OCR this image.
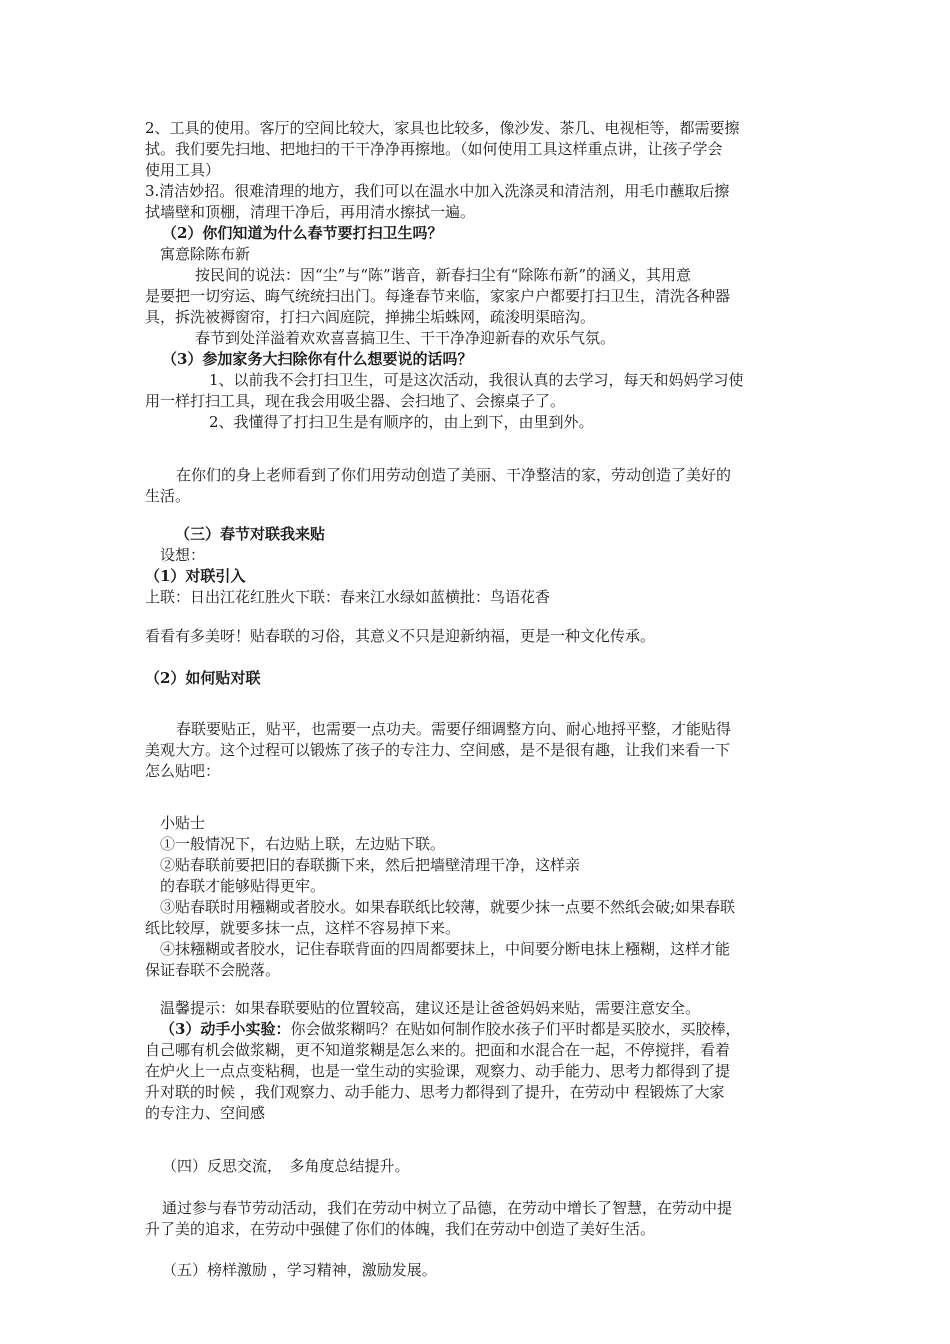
2、工具的使用。客厅的空间比较大，家具也比较多，像沙发、茶几、电视柜等，都需要擦
拭。我们要先扫地、把地扫的干干净净再擦地。（如何使用工具这样重点讲，让孩子学会
使用工具）
3.清洁妙招。很难清理的地方，我们可以在温水中加入洗涤灵和清洁剂，用毛巾蘸取后擦
拭墙壁和顶棚，清理干净后，再用清水擦拭一遍。
（2）你们知道为什么春节要打扫卫生吗？
寓意除陈布新
按民间的说法：因“尘”与“陈”谐音，新春扫尘有“除陈布新”的涵义，其用意
是要把一切穷运、晦气统统扫出门。每逢春节来临，家家户户都要打扫卫生，清洗各种器
具，拆洗被褥窗帘，打扫六闾庭院，掸拂尘垢蛛网，疏浚明渠暗沟。
春节到处洋溢着欢欢喜喜搞卫生、干干净净迎新春的欢乐气氛。
（3）参加家务大扫除你有什么想要说的话吗？
1、以前我不会打扫卫生，可是这次活动，我很认真的去学习，每天和妈妈学习使
用一样打扫工具，现在我会用吸尘器、会扫地了、会擦桌子了。
2、我懂得了打扫卫生是有顺序的，由上到下，由里到外。
在你们的身上老师看到了你们用劳动创造了美丽、干净整洁的家，劳动创造了美好的
生活。
（三）春节对联我来贴
设想：
（1）对联引入
上联：日出江花红胜火下联：春来江水绿如蓝横批：鸟语花香
看看有多美呀！贴春联的习俗，其意义不只是迎新纳福，更是一种文化传承。
（2）如何贴对联
春联要贴正，贴平，也需要一点功夫。需要仔细调整方向、耐心地捋平整，才能贴得
美观大方。这个过程可以锻炼了孩子的专注力、空间感，是不是很有趣，让我们来看一下
怎么贴吧：
小贴士
①一般情况下，右边贴上联，左边贴下联。
②贴春联前要把旧的春联撕下来，然后把墙壁清理干净，这样亲
的春联才能够贴得更牢。
③贴春联时用糨糊或者胶水。如果春联纸比较薄，就要少抹一点要不然纸会破;如果春联
纸比较厚，就要多抹一点，这样不容易掉下来。
④抹糨糊或者胶水，记住春联背面的四周都要抹上，中间要分断电抹上糨糊，这样才能
保证春联不会脱落。
温馨提示：如果春联要贴的位置较高，建议还是让爸爸妈妈来贴，需要注意安全。
（3）动手小实验：你会做浆糊吗？在贴如何制作胶水孩子们平时都是买胶水，买胶棒，
自己哪有机会做浆糊，更不知道浆糊是怎么来的。把面和水混合在一起，不停搅拌，看着
在炉火上一点点变粘稠，也是一堂生动的实验课，观察力、动手能力、思考力都得到了提
升对联的时候 ，我们观察力、动手能力、思考力都得到了提升，在劳动中 程锻炼了大家
的专注力、空间感
（四）反思交流，　多角度总结提升。
通过参与春节劳动活动，我们在劳动中树立了品德，在劳动中增长了智慧，在劳动中提
升了美的追求，在劳动中强健了你们的体魄，我们在劳动中创造了美好生活。
（五）榜样激励 ，学习精神，激励发展。
